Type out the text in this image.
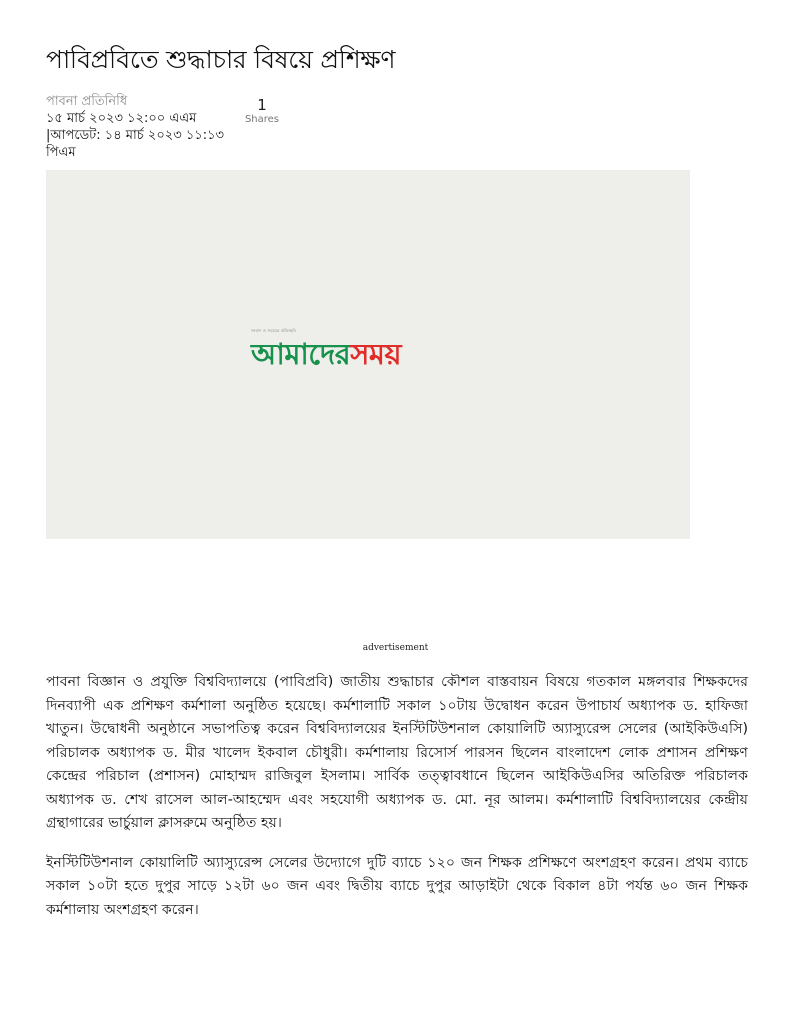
পাবিপ্রবিতে শুদ্ধাচার বিষয়ে প্রশিক্ষণ
পাবনা প্রতিনিধি
১৫ মার্চ ২০২৩ ১২:০০ এএম
|আপডেট: ১৪ মার্চ ২০২৩ ১১:১৩ পিএম
1
Shares
সংবাদ ও সময়ের প্রতিচ্ছবি
আমাদেরসময়
advertisement

পাবনা বিজ্ঞান ও প্রযুক্তি বিশ্ববিদ্যালয়ে (পাবিপ্রবি) জাতীয় শুদ্ধাচার কৌশল বাস্তবায়ন বিষয়ে গতকাল মঙ্গলবার শিক্ষকদের দিনব্যাপী এক প্রশিক্ষণ কর্মশালা অনুষ্ঠিত হয়েছে। কর্মশালাটি সকাল ১০টায় উদ্বোধন করেন উপাচার্য অধ্যাপক ড. হাফিজা খাতুন। উদ্বোধনী অনুষ্ঠানে সভাপতিত্ব করেন বিশ্ববিদ্যালয়ের ইনস্টিটিউশনাল কোয়ালিটি অ্যাস্যুরেন্স সেলের (আইকিউএসি) পরিচালক অধ্যাপক ড. মীর খালেদ ইকবাল চৌধুরী। কর্মশালায় রিসোর্স পারসন ছিলেন বাংলাদেশ লোক প্রশাসন প্রশিক্ষণ কেন্দ্রের পরিচাল (প্রশাসন) মোহাম্মদ রাজিবুল ইসলাম। সার্বিক তত্ত্বাবধানে ছিলেন আইকিউএসির অতিরিক্ত পরিচালক অধ্যাপক ড. শেখ রাসেল আল-আহম্মেদ এবং সহযোগী অধ্যাপক ড. মো. নূর আলম। কর্মশালাটি বিশ্ববিদ্যালয়ের কেন্দ্রীয় গ্রন্থাগারের ভার্চুয়াল ক্লাসরুমে অনুষ্ঠিত হয়।

ইনস্টিটিউশনাল কোয়ালিটি অ্যাস্যুরেন্স সেলের উদ্যোগে দুটি ব্যাচে ১২০ জন শিক্ষক প্রশিক্ষণে অংশগ্রহণ করেন। প্রথম ব্যাচে সকাল ১০টা হতে দুপুর সাড়ে ১২টা ৬০ জন এবং দ্বিতীয় ব্যাচে দুপুর আড়াইটা থেকে বিকাল ৪টা পর্যন্ত ৬০ জন শিক্ষক কর্মশালায় অংশগ্রহণ করেন।
